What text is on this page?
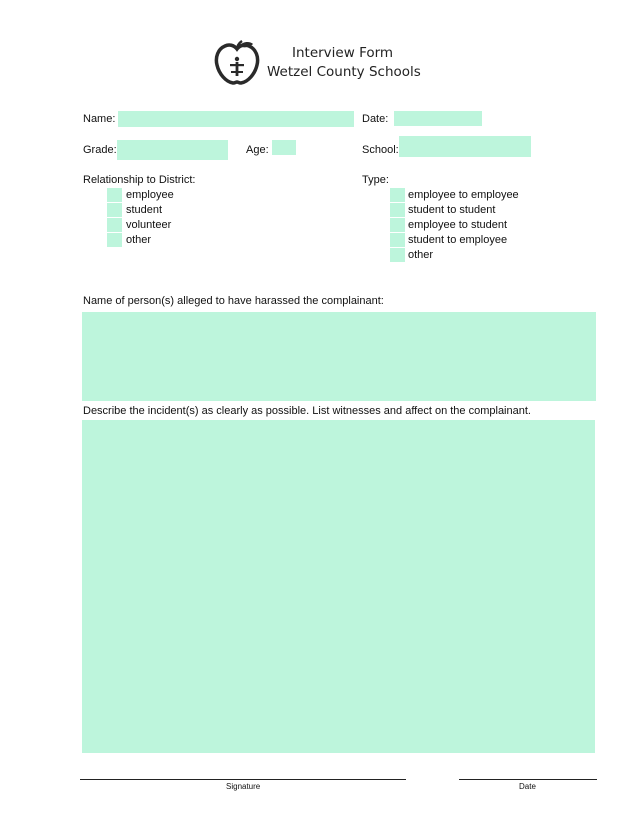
Interview Form
Wetzel County Schools
Name:	Date:
Grade:	Age:	School:
Relationship to District:
employee
student
volunteer
other
Type:
employee to employee
student to student
employee to student
student to employee
other
Name of person(s) alleged to have harassed the complainant:
Describe the incident(s) as clearly as possible. List witnesses and affect on the complainant.
Signature	Date
